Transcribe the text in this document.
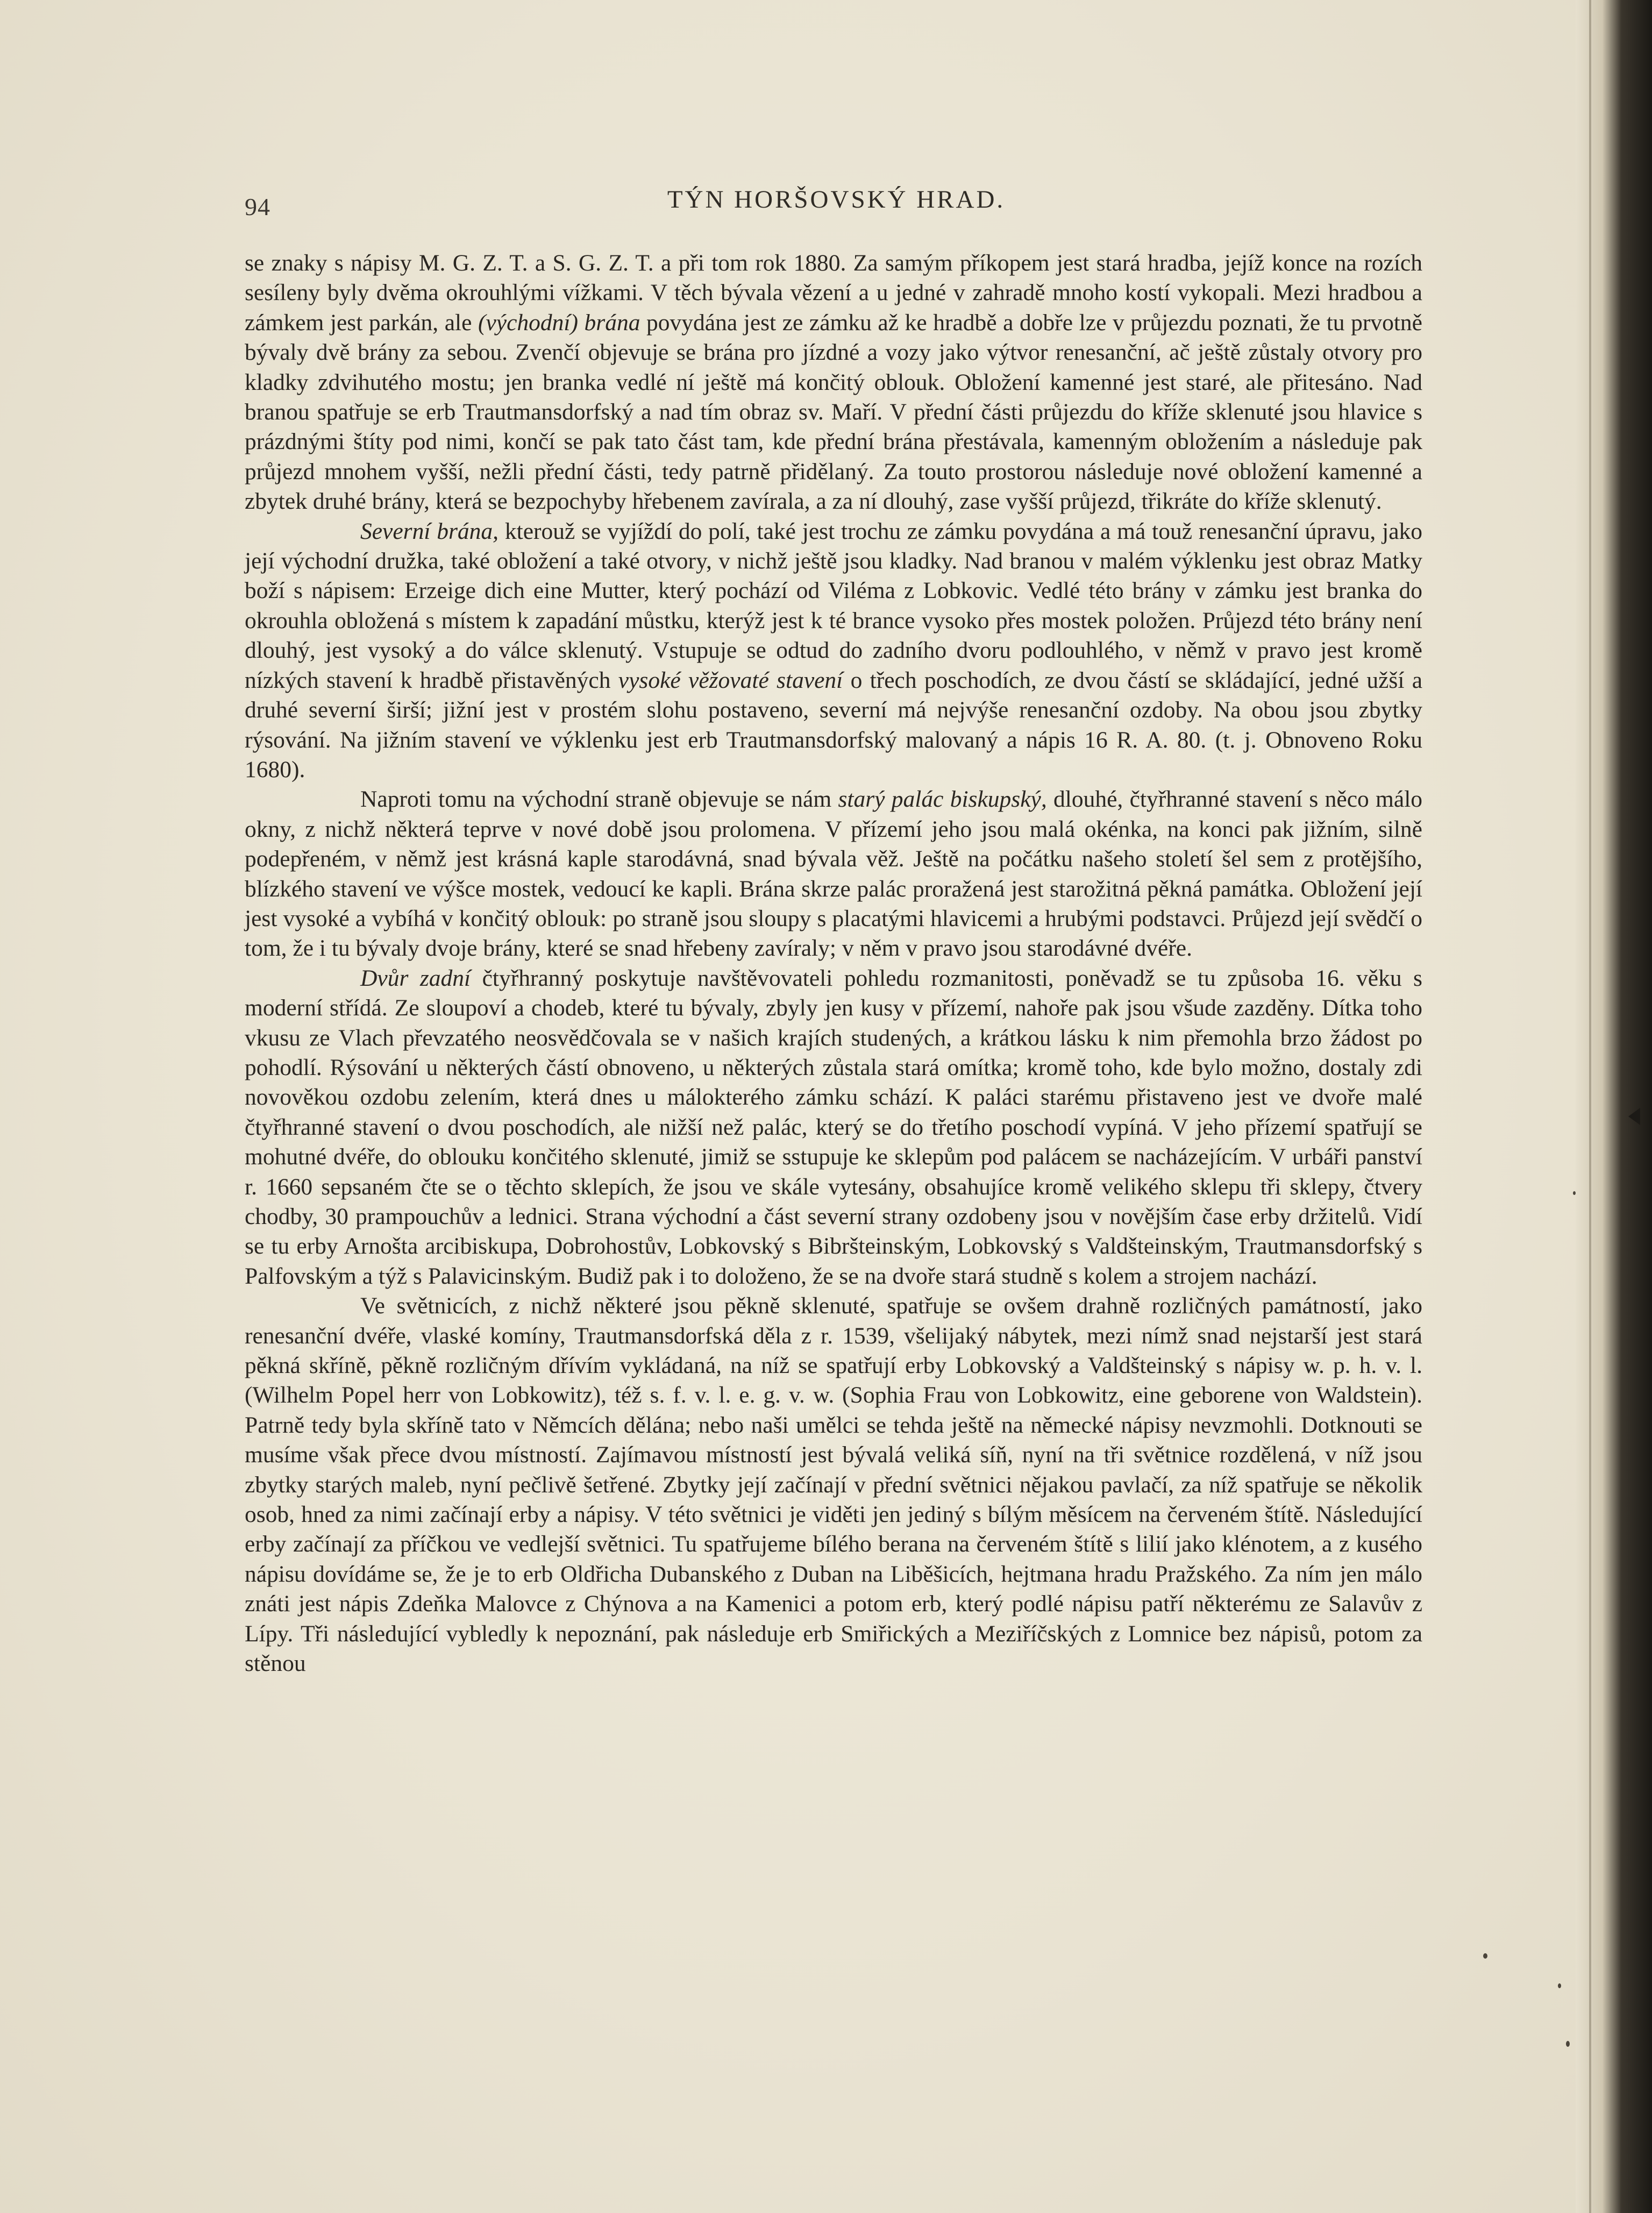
94	TÝN HORŠOVSKÝ HRAD.

se znaky s nápisy M. G. Z. T. a S. G. Z. T. a při tom rok 1880. Za samým příkopem jest stará hradba, jejíž konce na rozích sesíleny byly dvěma okrouhlými vížkami. V těch bývala vězení a u jedné v zahradě mnoho kostí vykopali. Mezi hradbou a zámkem jest parkán, ale (východní) brána povydána jest ze zámku až ke hradbě a dobře lze v průjezdu poznati, že tu prvotně bývaly dvě brány za sebou. Zvenčí objevuje se brána pro jízdné a vozy jako výtvor renesanční, ač ještě zůstaly otvory pro kladky zdvihutého mostu; jen branka vedlé ní ještě má končitý oblouk. Obložení kamenné jest staré, ale přitesáno. Nad branou spatřuje se erb Trautmansdorfský a nad tím obraz sv. Maří. V přední části průjezdu do kříže sklenuté jsou hlavice s prázdnými štíty pod nimi, končí se pak tato část tam, kde přední brána přestávala, kamenným obložením a následuje pak průjezd mnohem vyšší, nežli přední části, tedy patrně přidělaný. Za touto prostorou následuje nové obložení kamenné a zbytek druhé brány, která se bezpochyby hřebenem zavírala, a za ní dlouhý, zase vyšší průjezd, třikráte do kříže sklenutý.

Severní brána, kterouž se vyjíždí do polí, také jest trochu ze zámku povydána a má touž renesanční úpravu, jako její východní družka, také obložení a také otvory, v nichž ještě jsou kladky. Nad branou v malém výklenku jest obraz Matky boží s nápisem: Erzeige dich eine Mutter, který pochází od Viléma z Lobkovic. Vedlé této brány v zámku jest branka do okrouhla obložená s místem k zapadání můstku, kterýž jest k té brance vysoko přes mostek položen. Průjezd této brány není dlouhý, jest vysoký a do válce sklenutý. Vstupuje se odtud do zadního dvoru podlouhlého, v němž v pravo jest kromě nízkých stavení k hradbě přistavěných vysoké věžovaté stavení o třech poschodích, ze dvou částí se skládající, jedné užší a druhé severní širší; jižní jest v prostém slohu postaveno, severní má nejvýše renesanční ozdoby. Na obou jsou zbytky rýsování. Na jižním stavení ve výklenku jest erb Trautmansdorfský malovaný a nápis 16 R. A. 80. (t. j. Obnoveno Roku 1680).

Naproti tomu na východní straně objevuje se nám starý palác biskupský, dlouhé, čtyřhranné stavení s něco málo okny, z nichž některá teprve v nové době jsou prolomena. V přízemí jeho jsou malá okénka, na konci pak jižním, silně podepřeném, v němž jest krásná kaple starodávná, snad bývala věž. Ještě na počátku našeho století šel sem z protějšího, blízkého stavení ve výšce mostek, vedoucí ke kapli. Brána skrze palác proražená jest starožitná pěkná památka. Obložení její jest vysoké a vybíhá v končitý oblouk: po straně jsou sloupy s placatými hlavicemi a hrubými podstavci. Průjezd její svědčí o tom, že i tu bývaly dvoje brány, které se snad hřebeny zavíraly; v něm v pravo jsou starodávné dvéře.

Dvůr zadní čtyřhranný poskytuje navštěvovateli pohledu rozmanitosti, poněvadž se tu způsoba 16. věku s moderní střídá. Ze sloupoví a chodeb, které tu bývaly, zbyly jen kusy v přízemí, nahoře pak jsou všude zazděny. Dítka toho vkusu ze Vlach převzatého neosvědčovala se v našich krajích studených, a krátkou lásku k nim přemohla brzo žádost po pohodlí. Rýsování u některých částí obnoveno, u některých zůstala stará omítka; kromě toho, kde bylo možno, dostaly zdi novověkou ozdobu zelením, která dnes u málokterého zámku schází. K paláci starému přistaveno jest ve dvoře malé čtyřhranné stavení o dvou poschodích, ale nižší než palác, který se do třetího poschodí vypíná. V jeho přízemí spatřují se mohutné dvéře, do oblouku končitého sklenuté, jimiž se sstupuje ke sklepům pod palácem se nacházejícím. V urbáři panství r. 1660 sepsaném čte se o těchto sklepích, že jsou ve skále vytesány, obsahujíce kromě velikého sklepu tři sklepy, čtvery chodby, 30 prampouchův a lednici. Strana východní a část severní strany ozdobeny jsou v novějším čase erby držitelů. Vidí se tu erby Arnošta arcibiskupa, Dobrohostův, Lobkovský s Bibršteinským, Lobkovský s Valdšteinským, Trautmansdorfský s Palfovským a týž s Palavicinským. Budiž pak i to doloženo, že se na dvoře stará studně s kolem a strojem nachází.

Ve světnicích, z nichž některé jsou pěkně sklenuté, spatřuje se ovšem drahně rozličných památností, jako renesanční dvéře, vlaské komíny, Trautmansdorfská děla z r. 1539, všelijaký nábytek, mezi nímž snad nejstarší jest stará pěkná skříně, pěkně rozličným dřívím vykládaná, na níž se spatřují erby Lobkovský a Valdšteinský s nápisy w. p. h. v. l. (Wilhelm Popel herr von Lobkowitz), též s. f. v. l. e. g. v. w. (Sophia Frau von Lobkowitz, eine geborene von Waldstein). Patrně tedy byla skříně tato v Němcích dělána; nebo naši umělci se tehda ještě na německé nápisy nevzmohli. Dotknouti se musíme však přece dvou místností. Zajímavou místností jest bývalá veliká síň, nyní na tři světnice rozdělená, v níž jsou zbytky starých maleb, nyní pečlivě šetřené. Zbytky její začínají v přední světnici nějakou pavlačí, za níž spatřuje se několik osob, hned za nimi začínají erby a nápisy. V této světnici je viděti jen jediný s bílým měsícem na červeném štítě. Následující erby začínají za příčkou ve vedlejší světnici. Tu spatřujeme bílého berana na červeném štítě s lilií jako klénotem, a z kusého nápisu dovídáme se, že je to erb Oldřicha Dubanského z Duban na Liběšicích, hejtmana hradu Pražského. Za ním jen málo znáti jest nápis Zdeňka Malovce z Chýnova a na Kamenici a potom erb, který podlé nápisu patří některému ze Salavův z Lípy. Tři následující vybledly k nepoznání, pak následuje erb Smiřických a Meziříčských z Lomnice bez nápisů, potom za stěnou
